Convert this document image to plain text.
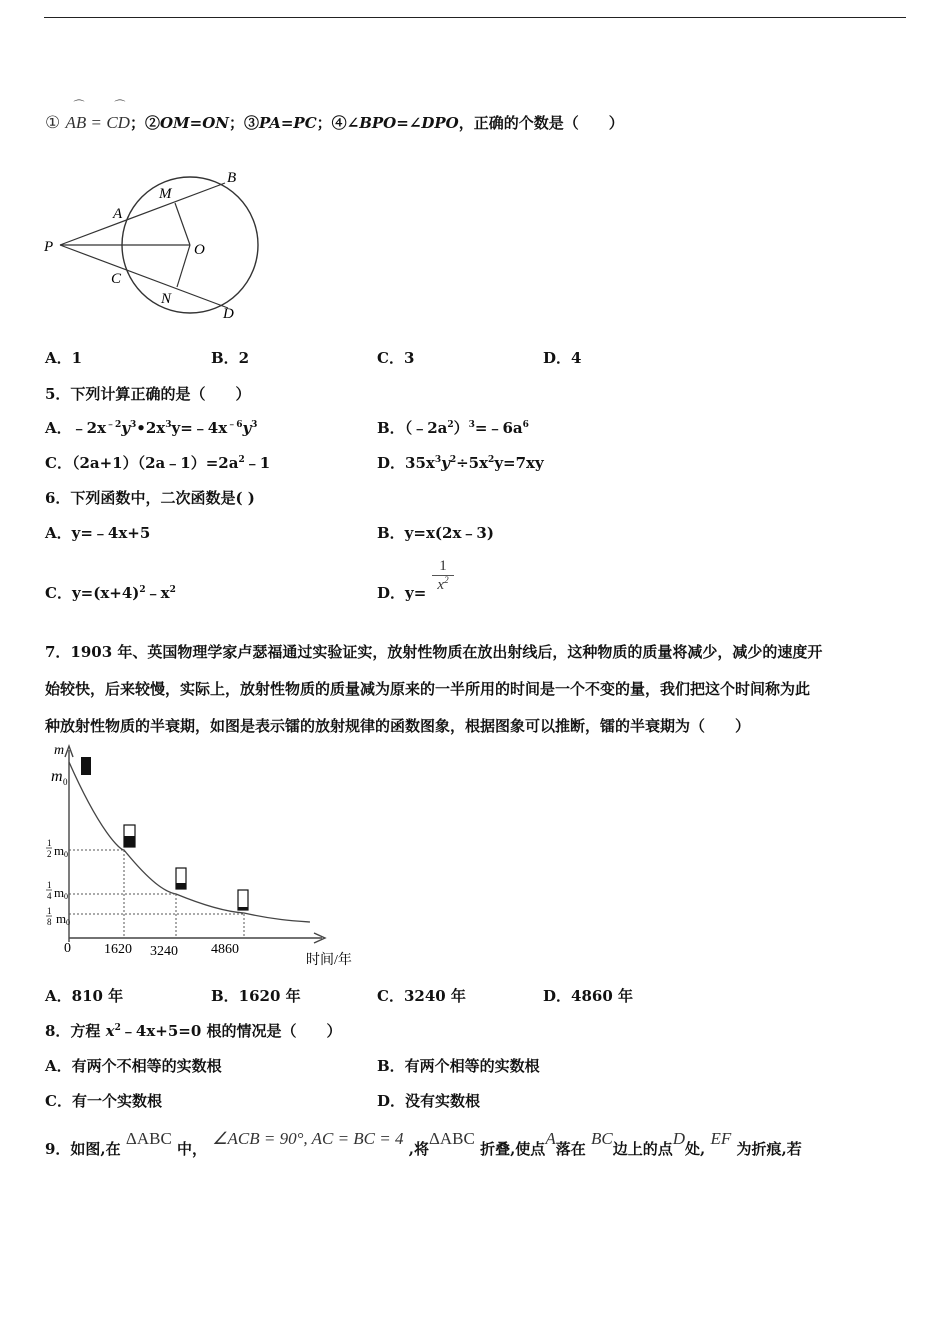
①
⌒
AB =
⌒
CD；②OM=ON；③PA=PC；④∠BPO=∠DPO，正确的个数是（　　）
P
A
M
B
O
C
N
D
A．1	B．2	C．3	D．4
5．下列计算正确的是（　　）
A．$﹣2x^{﹣2}y^3•2x^3y=﹣4x^{﹣6}y^3$	B．$(﹣2a^2)^3=﹣6a^6$
C．$(2a+1)(2a﹣1)=2a^2﹣1$	D．$35x^3y^2\div 5x^2y=7xy$
6．下列函数中，二次函数是( )
A．y=﹣4x+5	B．y=x(2x﹣3)
C．$y=(x+4)^2﹣x^2$	D．$y= \frac{1}{x^2}$
7．1903 年、英国物理学家卢瑟福通过实验证实，放射性物质在放出射线后，这种物质的质量将减少，减少的速度开
始较快，后来较慢，实际上，放射性物质的质量减为原来的一半所用的时间是一个不变的量，我们把这个时间称为此
种放射性物质的半衰期，如图是表示镭的放射规律的函数图象，根据图象可以推断，镭的半衰期为（　　）
m
m 0
1
2 m 0
1
4 m 0
1
8 m 0
0 1620 3240 4860
时间/年
A．810 年	B．1620 年	C．3240 年	D．4860 年
8．方程 $x^2﹣4x+5=0$ 根的情况是（　　）
A．有两个不相等的实数根	B．有两个相等的实数根
C．有一个实数根	D．没有实数根
9．如图,在 ΔABC 中， ∠ACB = 90°, AC = BC = 4 ,将ΔABC 折叠,使点A落在 BC边上的点D处, EF 为折痕,若
